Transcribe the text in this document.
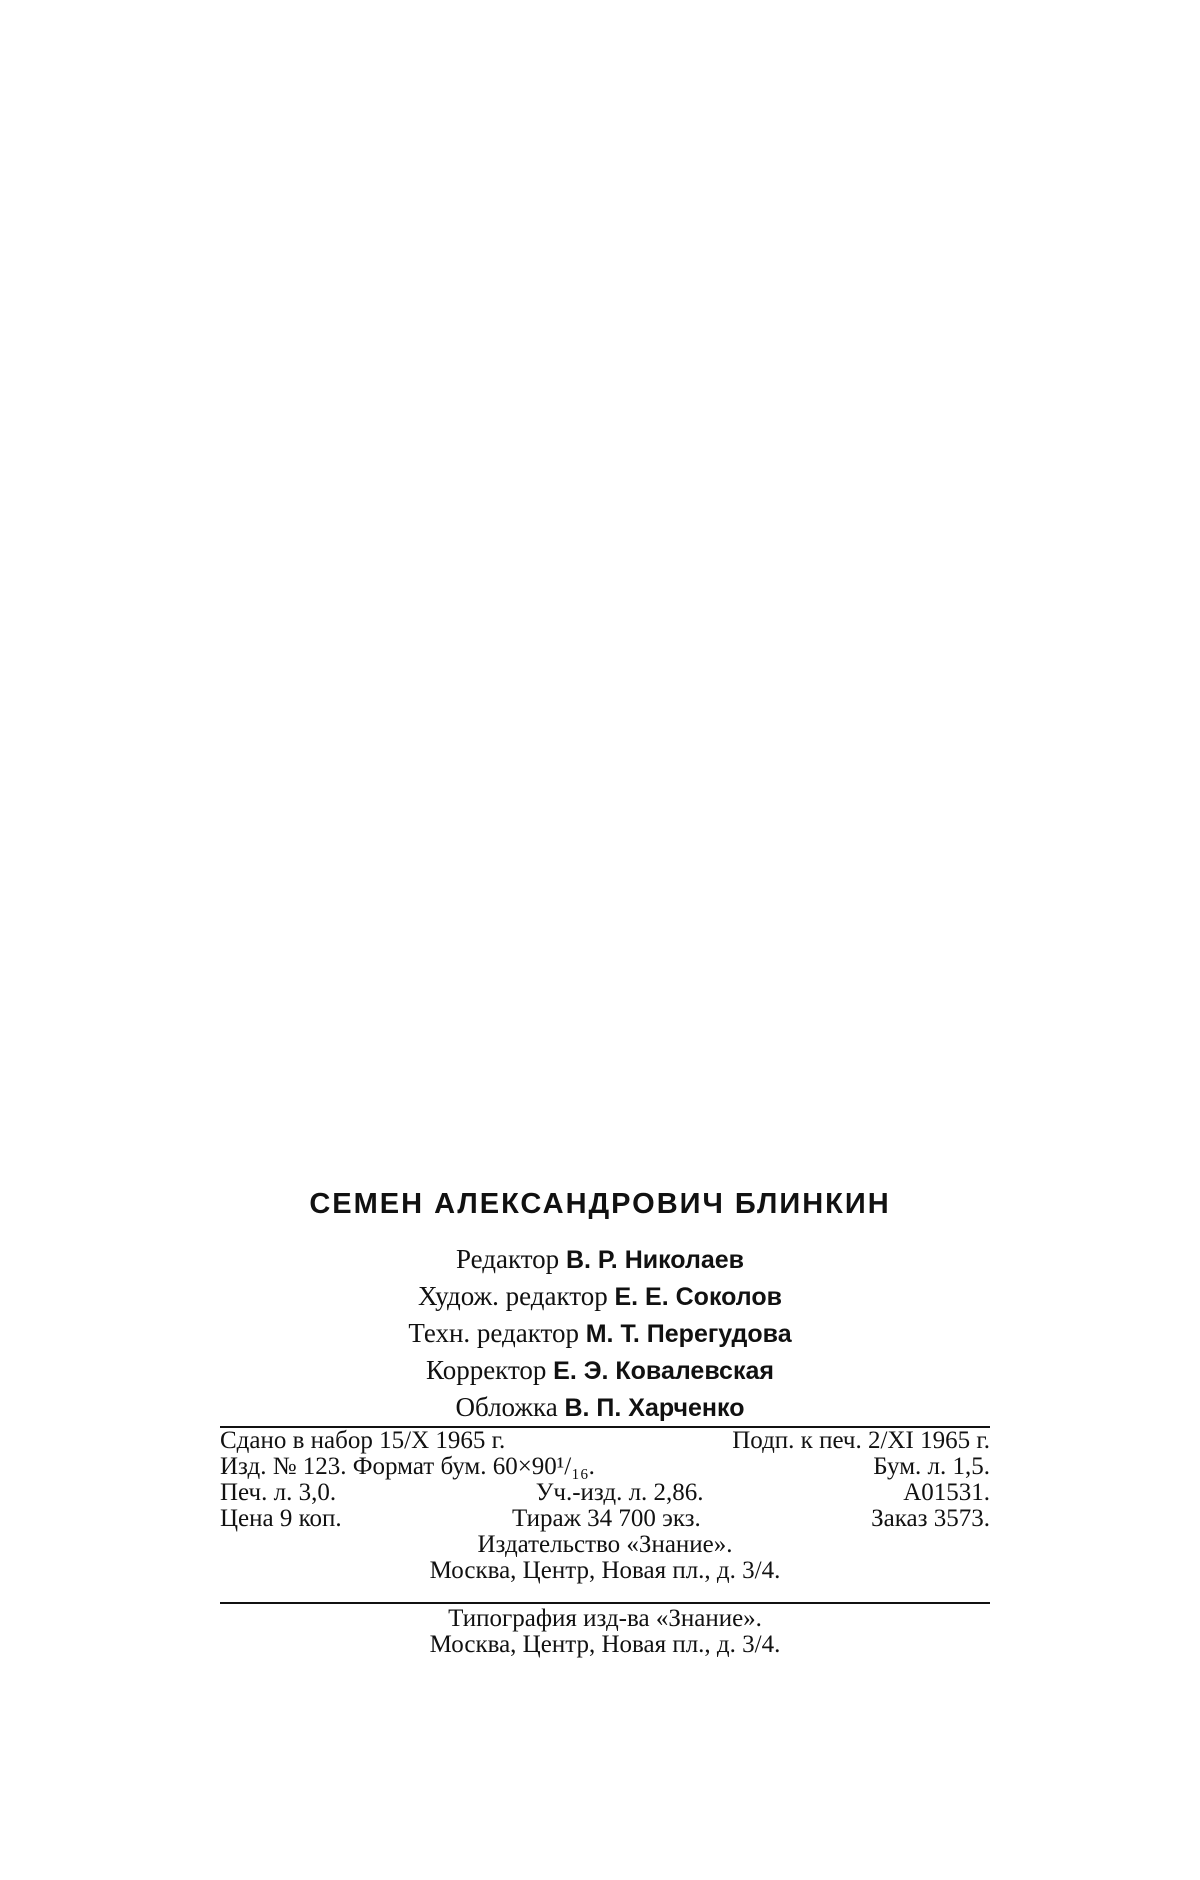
СЕМЕН АЛЕКСАНДРОВИЧ БЛИНКИН
Редактор В. Р. Николаев
Худож. редактор Е. Е. Соколов
Техн. редактор М. Т. Перегудова
Корректор Е. Э. Ковалевская
Обложка В. П. Харченко
Сдано в набор 15/X 1965 г.	Подп. к печ. 2/XI 1965 г.
Изд. № 123. Формат бум. 60×90¹/₁₆.	Бум. л. 1,5.
Печ. л. 3,0.	Уч.-изд. л. 2,86.	А01531.
Цена 9 коп.	Тираж 34 700 экз.	Заказ 3573.
Издательство «Знание».
Москва, Центр, Новая пл., д. 3/4.
Типография изд-ва «Знание».
Москва, Центр, Новая пл., д. 3/4.
